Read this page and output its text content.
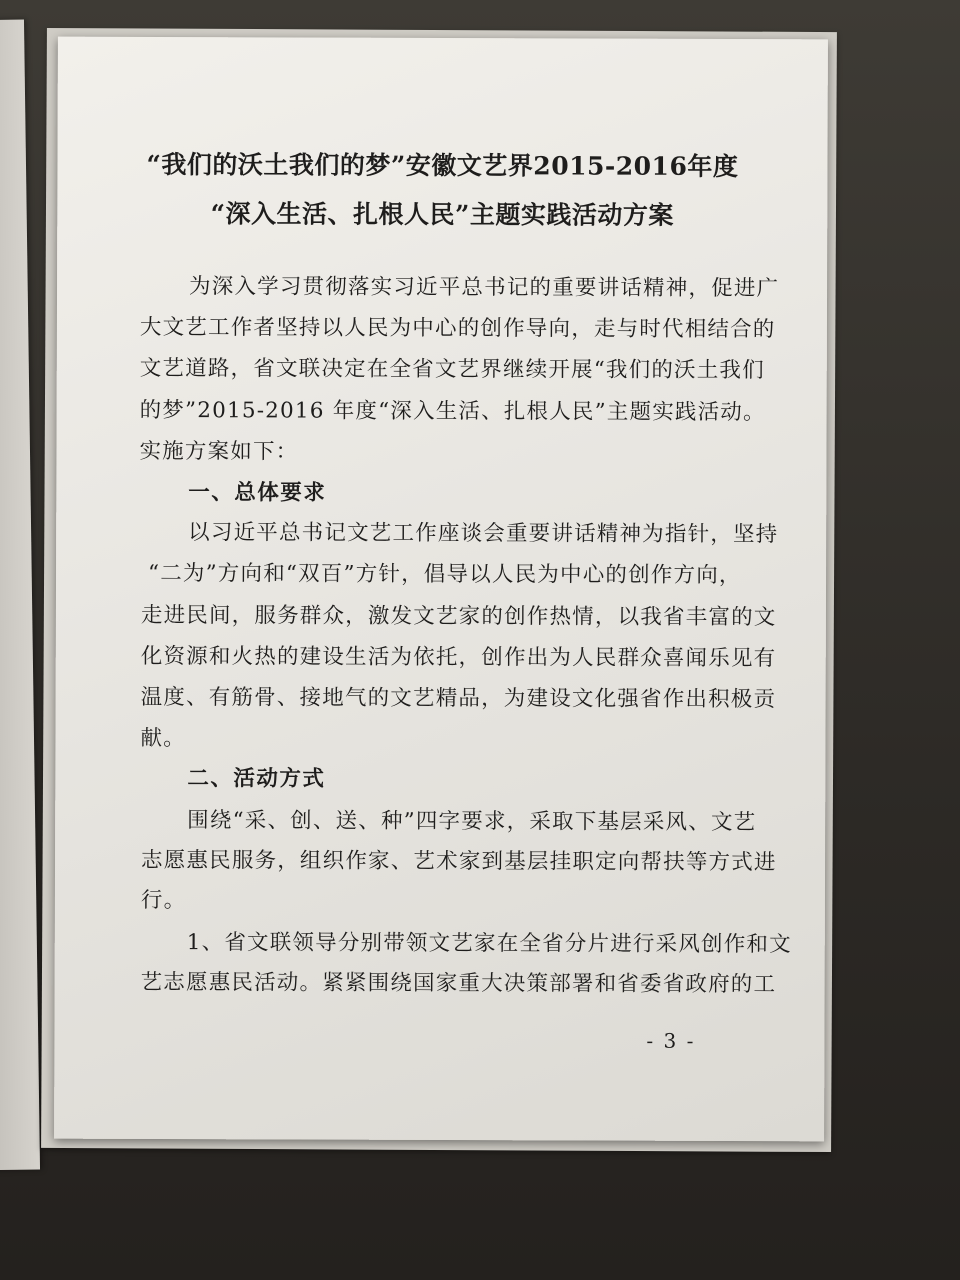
“我们的沃土我们的梦”安徽文艺界2015-2016年度
“深入生活、扎根人民”主题实践活动方案
为深入学习贯彻落实习近平总书记的重要讲话精神，促进广
大文艺工作者坚持以人民为中心的创作导向，走与时代相结合的
文艺道路，省文联决定在全省文艺界继续开展“我们的沃土我们
的梦”2015-2016 年度“深入生活、扎根人民”主题实践活动。
实施方案如下：
一、总体要求
以习近平总书记文艺工作座谈会重要讲话精神为指针，坚持
“二为”方向和“双百”方针，倡导以人民为中心的创作方向，
走进民间，服务群众，激发文艺家的创作热情，以我省丰富的文
化资源和火热的建设生活为依托，创作出为人民群众喜闻乐见有
温度、有筋骨、接地气的文艺精品，为建设文化强省作出积极贡
献。
二、活动方式
围绕“采、创、送、种”四字要求，采取下基层采风、文艺
志愿惠民服务，组织作家、艺术家到基层挂职定向帮扶等方式进
行。
1、省文联领导分别带领文艺家在全省分片进行采风创作和文
艺志愿惠民活动。紧紧围绕国家重大决策部署和省委省政府的工
- 3 -
